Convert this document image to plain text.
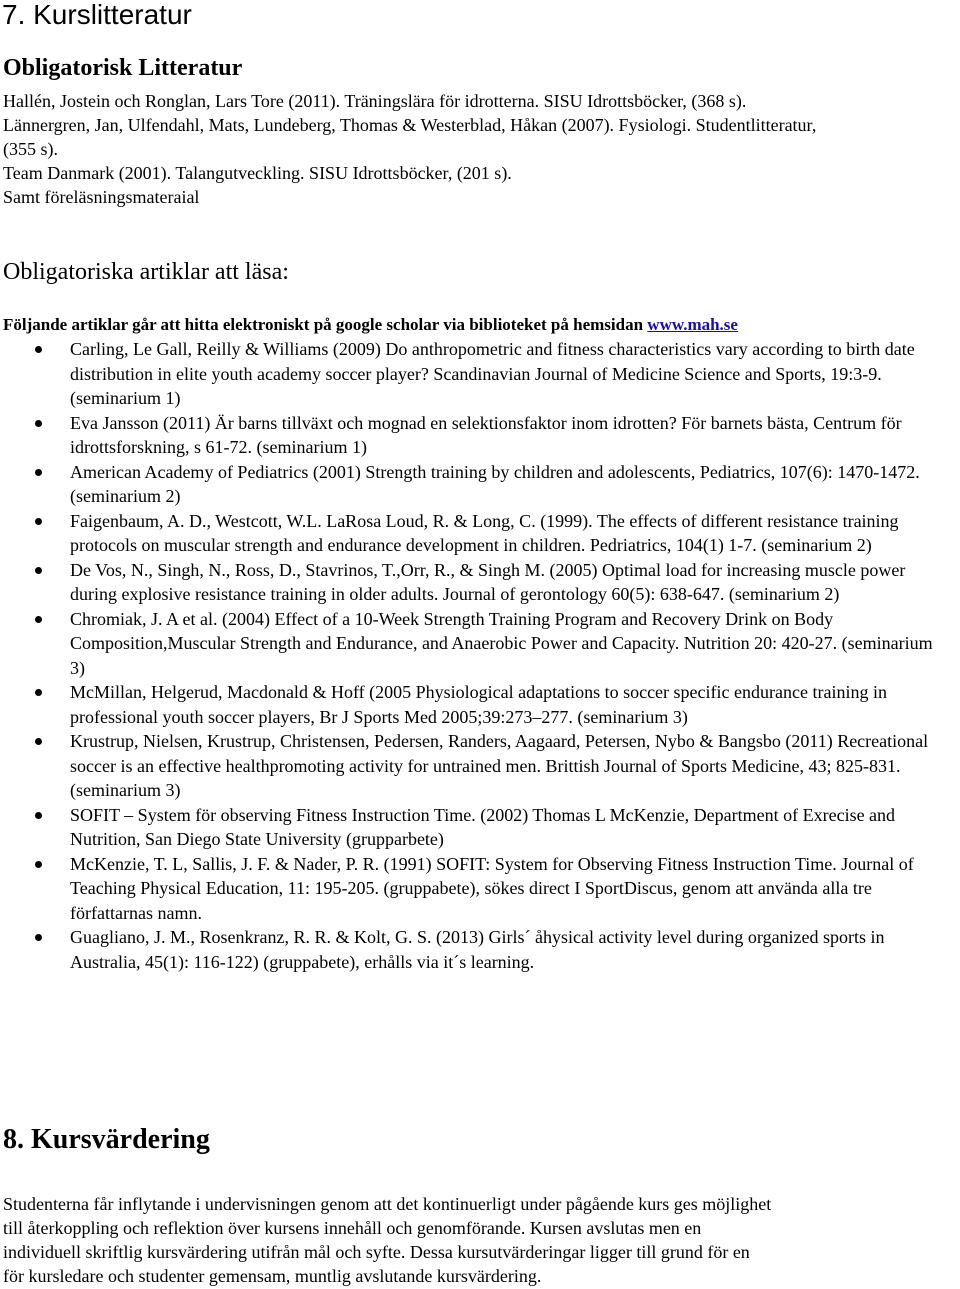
7. Kurslitteratur
Obligatorisk Litteratur
Hallén, Jostein och Ronglan, Lars Tore (2011). Träningslära för idrotterna. SISU Idrottsböcker, (368 s).
Lännergren, Jan, Ulfendahl, Mats, Lundeberg, Thomas & Westerblad, Håkan (2007). Fysiologi. Studentlitteratur,
(355 s).
Team Danmark (2001). Talangutveckling. SISU Idrottsböcker, (201 s).
Samt föreläsningsmateraial
Obligatoriska artiklar att läsa:
Följande artiklar går att hitta elektroniskt på google scholar via biblioteket på hemsidan www.mah.se
Carling, Le Gall, Reilly & Williams (2009) Do anthropometric and fitness characteristics vary according to birth date distribution in elite youth academy soccer player? Scandinavian Journal of Medicine Science and Sports, 19:3-9. (seminarium 1)
Eva Jansson (2011) Är barns tillväxt och mognad en selektionsfaktor inom idrotten? För barnets bästa, Centrum för idrottsforskning, s 61-72. (seminarium 1)
American Academy of Pediatrics (2001) Strength training by children and adolescents, Pediatrics, 107(6): 1470-1472. (seminarium 2)
Faigenbaum, A. D., Westcott, W.L. LaRosa Loud, R. & Long, C. (1999). The effects of different resistance training protocols on muscular strength and endurance development in children. Pedriatrics, 104(1) 1-7. (seminarium 2)
De Vos, N., Singh, N., Ross, D., Stavrinos, T.,Orr, R., & Singh M. (2005) Optimal load for increasing muscle power during explosive resistance training in older adults. Journal of gerontology 60(5): 638-647. (seminarium 2)
Chromiak, J. A et al. (2004) Effect of a 10-Week Strength Training Program and Recovery Drink on Body Composition,Muscular Strength and Endurance, and Anaerobic Power and Capacity. Nutrition 20: 420-27. (seminarium 3)
McMillan, Helgerud, Macdonald & Hoff (2005 Physiological adaptations to soccer specific endurance training in professional youth soccer players, Br J Sports Med 2005;39:273–277. (seminarium 3)
Krustrup, Nielsen, Krustrup, Christensen, Pedersen, Randers, Aagaard, Petersen, Nybo & Bangsbo (2011) Recreational soccer is an effective healthpromoting activity for untrained men. Brittish Journal of Sports Medicine, 43; 825-831. (seminarium 3)
SOFIT – System för observing Fitness Instruction Time. (2002) Thomas L McKenzie, Department of Exrecise and Nutrition, San Diego State University (grupparbete)
McKenzie, T. L, Sallis, J. F. & Nader, P. R. (1991) SOFIT: System for Observing Fitness Instruction Time. Journal of Teaching Physical Education, 11: 195-205. (gruppabete), sökes direct I SportDiscus, genom att använda alla tre författarnas namn.
Guagliano, J. M., Rosenkranz, R. R. & Kolt, G. S. (2013) Girls´ åhysical activity level during organized sports in Australia, 45(1): 116-122) (gruppabete), erhålls via it´s learning.
8. Kursvärdering
Studenterna får inflytande i undervisningen genom att det kontinuerligt under pågående kurs ges möjlighet
till återkoppling och reflektion över kursens innehåll och genomförande. Kursen avslutas men en
individuell skriftlig kursvärdering utifrån mål och syfte. Dessa kursutvärderingar ligger till grund för en
för kursledare och studenter gemensam, muntlig avslutande kursvärdering.
